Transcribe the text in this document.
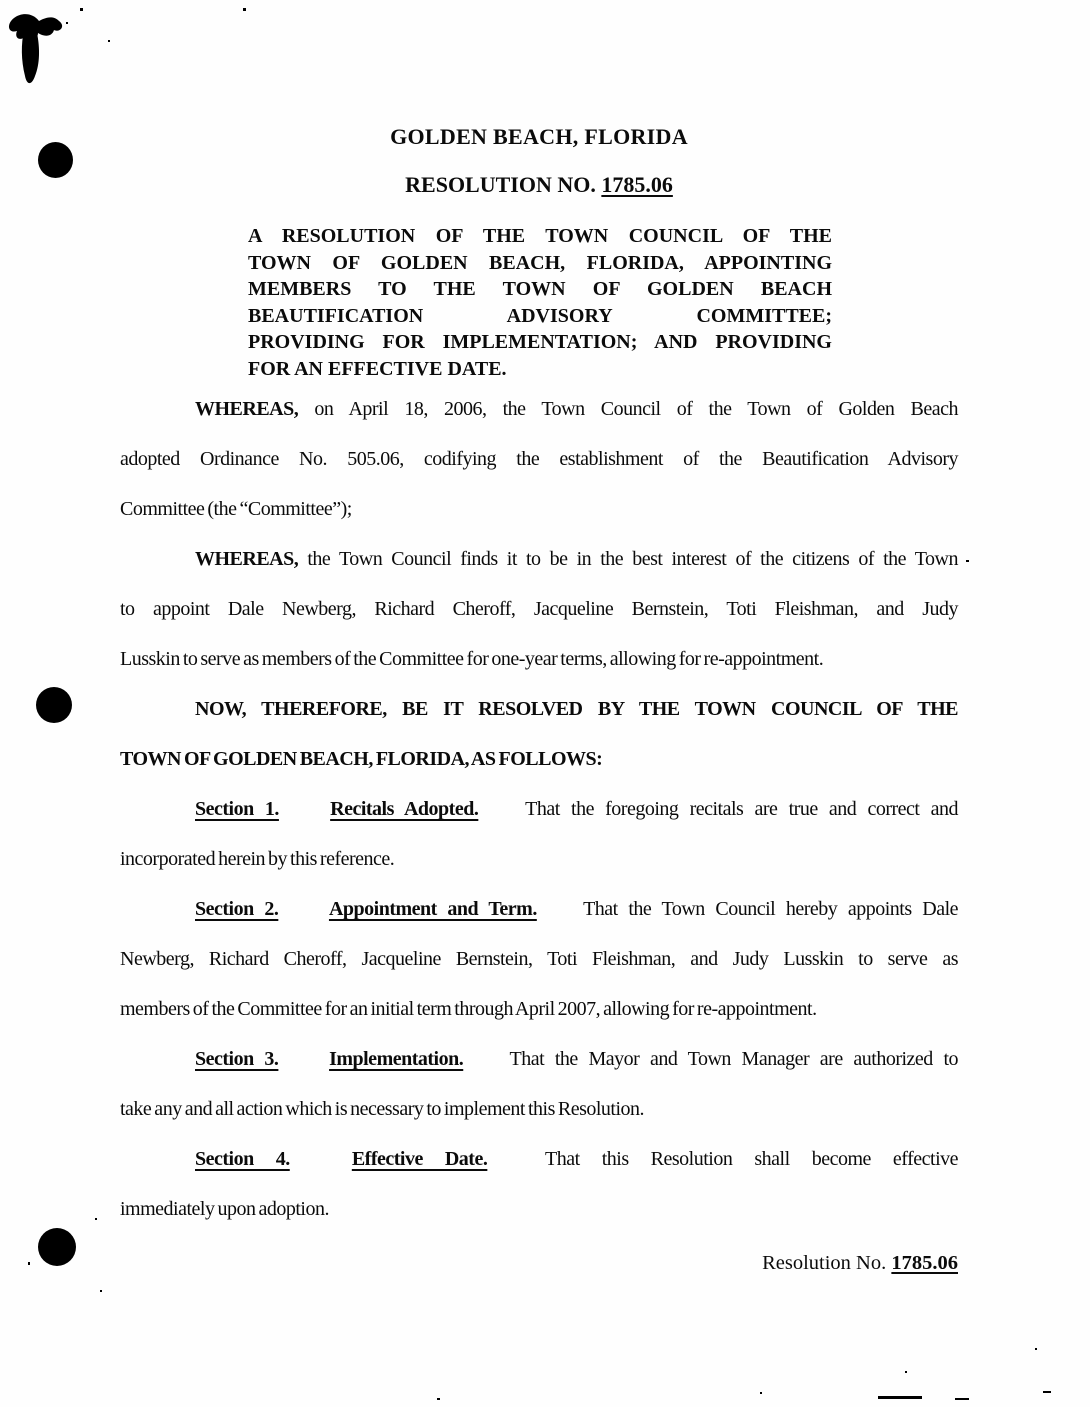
GOLDEN BEACH, FLORIDA
RESOLUTION NO. 1785.06
A RESOLUTION OF THE TOWN COUNCIL OF THE
TOWN OF GOLDEN BEACH, FLORIDA, APPOINTING
MEMBERS TO THE TOWN OF GOLDEN BEACH
BEAUTIFICATION ADVISORY COMMITTEE;
PROVIDING FOR IMPLEMENTATION; AND PROVIDING
FOR AN EFFECTIVE DATE.

WHEREAS, on April 18, 2006, the Town Council of the Town of Golden Beach
adopted Ordinance No. 505.06, codifying the establishment of the Beautification Advisory
Committee (the “Committee”);

WHEREAS, the Town Council finds it to be in the best interest of the citizens of the Town
to appoint Dale Newberg, Richard Cheroff, Jacqueline Bernstein, Toti Fleishman, and Judy
Lusskin to serve as members of the Committee for one-year terms, allowing for re-appointment.

NOW, THEREFORE, BE IT RESOLVED BY THE TOWN COUNCIL OF THE
TOWN OF GOLDEN BEACH, FLORIDA, AS FOLLOWS:

Section 1.	Recitals Adopted. That the foregoing recitals are true and correct and
incorporated herein by this reference.

Section 2.	Appointment and Term. That the Town Council hereby appoints Dale
Newberg, Richard Cheroff, Jacqueline Bernstein, Toti Fleishman, and Judy Lusskin to serve as
members of the Committee for an initial term through April 2007, allowing for re-appointment.

Section 3.	Implementation. That the Mayor and Town Manager are authorized to
take any and all action which is necessary to implement this Resolution.

Section 4.	Effective Date.	That this Resolution shall become effective
immediately upon adoption.

Resolution No. 1785.06
